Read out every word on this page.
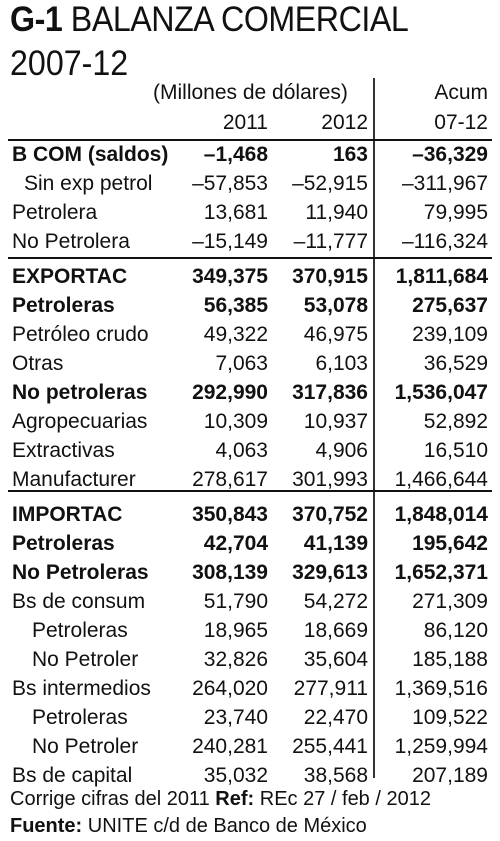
G-1 BALANZA COMERCIAL
2007-12
(Millones de dólares)	Acum
2011	2012	07-12
B COM (saldos) –1,468	163 –36,329
Sin exp petrol –57,853 –52,915 –311,967
Petrolera	13,681 11,940	79,995
No Petrolera	–15,149 –11,777 –116,324
EXPORTAC	349,375 370,915 1,811,684
Petroleras	56,385 53,078 275,637
Petróleo crudo	49,322 46,975 239,109
Otras	7,063 6,103	36,529
No petroleras 292,990 317,836 1,536,047
Agropecuarias	10,309 10,937	52,892
Extractivas	4,063 4,906	16,510
Manufacturer	278,617 301,993 1,466,644
IMPORTAC	350,843 370,752 1,848,014
Petroleras	42,704 41,139 195,642
No Petroleras 308,139 329,613 1,652,371
Bs de consum	51,790 54,272 271,309
Petroleras	18,965 18,669	86,120
No Petroler	32,826 35,604 185,188
Bs intermedios 264,020 277,911 1,369,516
Petroleras	23,740 22,470 109,522
No Petroler	240,281 255,441 1,259,994
Bs de capital	35,032 38,568 207,189
Corrige cifras del 2011 Ref: REc 27 / feb / 2012 Fuente: UNITE c/d de Banco de México
